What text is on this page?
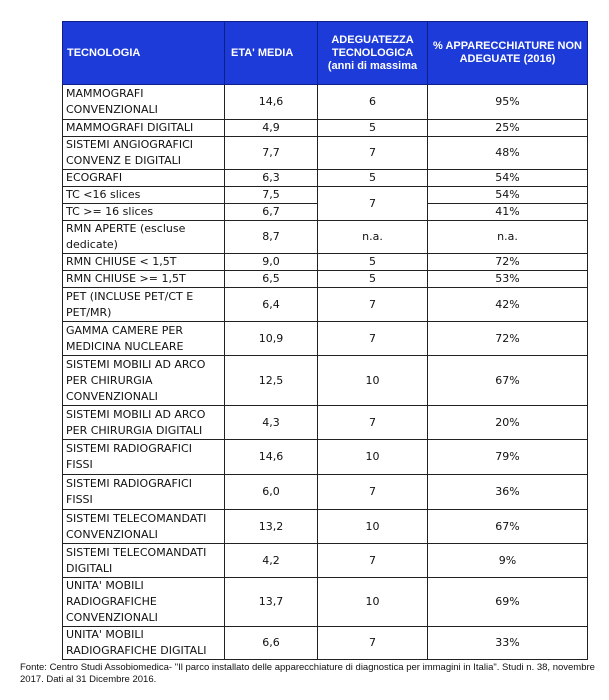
TECNOLOGIA	ETA' MEDIA	ADEGUATEZZA TECNOLOGICA (anni di massima	% APPARECCHIATURE NON ADEGUATE (2016)
MAMMOGRAFI CONVENZIONALI	14,6	6	95%
MAMMOGRAFI DIGITALI	4,9	5	25%
SISTEMI ANGIOGRAFICI CONVENZ E DIGITALI	7,7	7	48%
ECOGRAFI	6,3	5	54%
TC <16 slices	7,5	7	54%
TC >= 16 slices	6,7		41%
RMN APERTE (escluse dedicate)	8,7	n.a.	n.a.
RMN CHIUSE < 1,5T	9,0	5	72%
RMN CHIUSE >= 1,5T	6,5	5	53%
PET (INCLUSE PET/CT E PET/MR)	6,4	7	42%
GAMMA CAMERE PER MEDICINA NUCLEARE	10,9	7	72%
SISTEMI MOBILI AD ARCO PER CHIRURGIA CONVENZIONALI	12,5	10	67%
SISTEMI MOBILI AD ARCO PER CHIRURGIA DIGITALI	4,3	7	20%
SISTEMI RADIOGRAFICI FISSI	14,6	10	79%
SISTEMI RADIOGRAFICI FISSI	6,0	7	36%
SISTEMI TELECOMANDATI CONVENZIONALI	13,2	10	67%
SISTEMI TELECOMANDATI DIGITALI	4,2	7	9%
UNITA' MOBILI RADIOGRAFICHE CONVENZIONALI	13,7	10	69%
UNITA' MOBILI RADIOGRAFICHE DIGITALI	6,6	7	33%
Fonte: Centro Studi Assobiomedica- "Il parco installato delle apparecchiature di diagnostica per immagini in Italia". Studi n. 38, novembre 2017. Dati al 31 Dicembre 2016.
